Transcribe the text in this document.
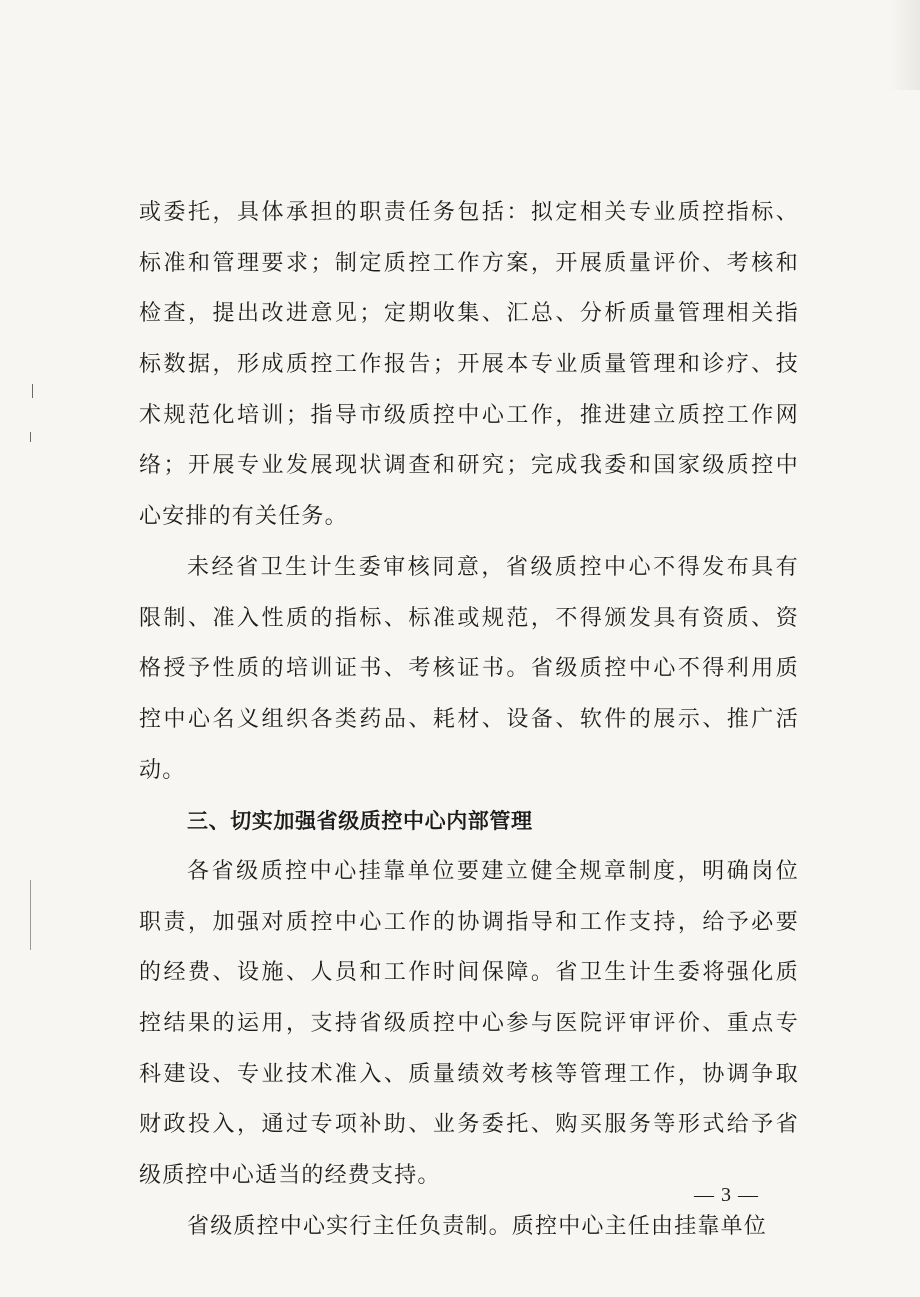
或委托，具体承担的职责任务包括：拟定相关专业质控指标、
标准和管理要求；制定质控工作方案，开展质量评价、考核和
检查，提出改进意见；定期收集、汇总、分析质量管理相关指
标数据，形成质控工作报告；开展本专业质量管理和诊疗、技
术规范化培训；指导市级质控中心工作，推进建立质控工作网
络；开展专业发展现状调查和研究；完成我委和国家级质控中
心安排的有关任务。
未经省卫生计生委审核同意，省级质控中心不得发布具有
限制、准入性质的指标、标准或规范，不得颁发具有资质、资
格授予性质的培训证书、考核证书。省级质控中心不得利用质
控中心名义组织各类药品、耗材、设备、软件的展示、推广活
动。
三、切实加强省级质控中心内部管理
各省级质控中心挂靠单位要建立健全规章制度，明确岗位
职责，加强对质控中心工作的协调指导和工作支持，给予必要
的经费、设施、人员和工作时间保障。省卫生计生委将强化质
控结果的运用，支持省级质控中心参与医院评审评价、重点专
科建设、专业技术准入、质量绩效考核等管理工作，协调争取
财政投入，通过专项补助、业务委托、购买服务等形式给予省
级质控中心适当的经费支持。
省级质控中心实行主任负责制。质控中心主任由挂靠单位
— 3 —
